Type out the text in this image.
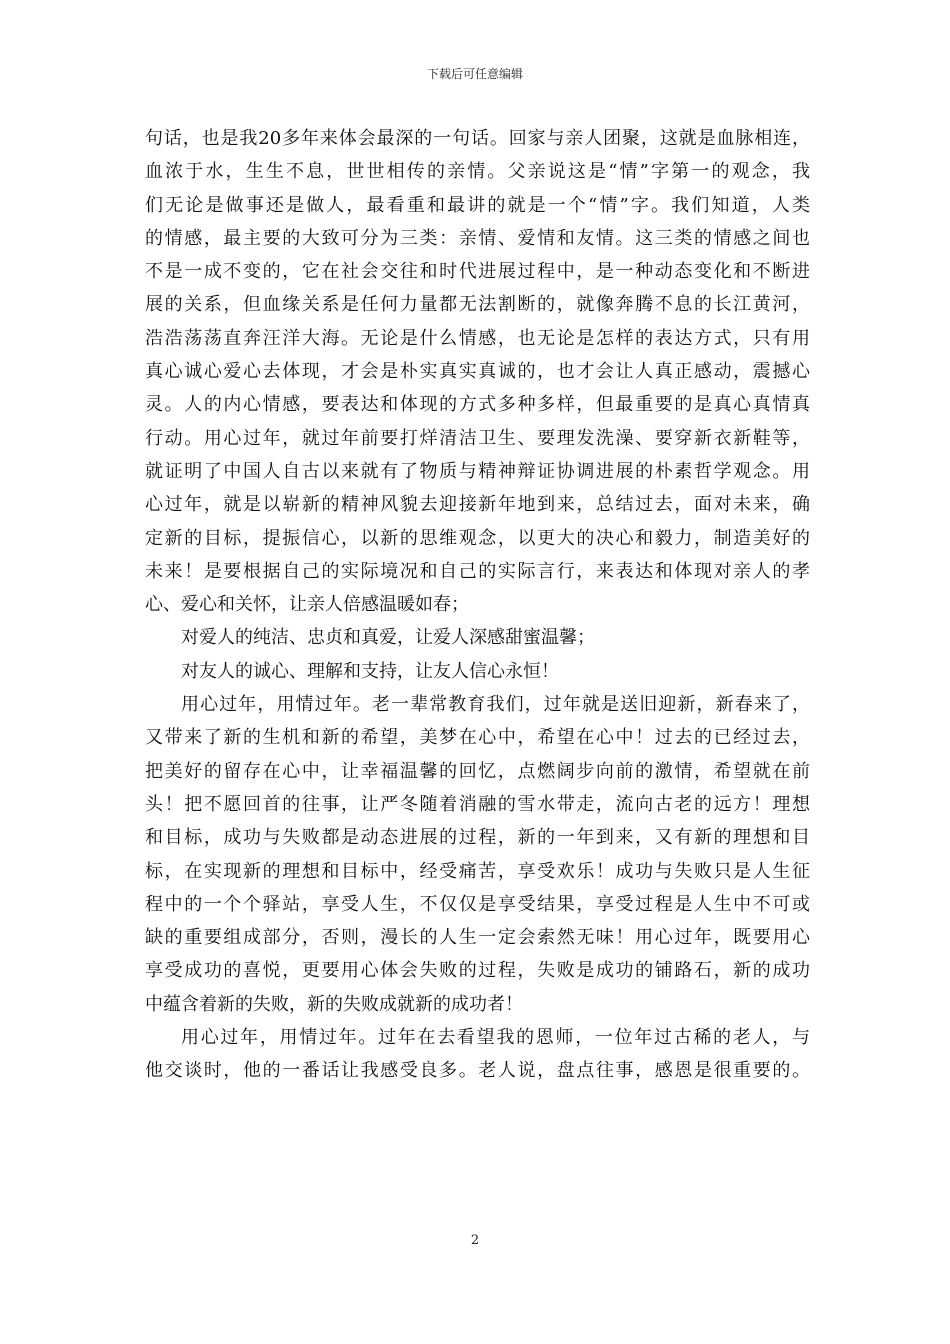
下载后可任意编辑
句话，也是我20多年来体会最深的一句话。回家与亲人团聚，这就是血脉相连，
血浓于水，生生不息，世世相传的亲情。父亲说这是“情”字第一的观念，我
们无论是做事还是做人，最看重和最讲的就是一个“情”字。我们知道，人类
的情感，最主要的大致可分为三类：亲情、爱情和友情。这三类的情感之间也
不是一成不变的，它在社会交往和时代进展过程中，是一种动态变化和不断进
展的关系，但血缘关系是任何力量都无法割断的，就像奔腾不息的长江黄河，
浩浩荡荡直奔汪洋大海。无论是什么情感，也无论是怎样的表达方式，只有用
真心诚心爱心去体现，才会是朴实真实真诚的，也才会让人真正感动，震撼心
灵。人的内心情感，要表达和体现的方式多种多样，但最重要的是真心真情真
行动。用心过年，就过年前要打烊清洁卫生、要理发洗澡、要穿新衣新鞋等，
就证明了中国人自古以来就有了物质与精神辩证协调进展的朴素哲学观念。用
心过年，就是以崭新的精神风貌去迎接新年地到来，总结过去，面对未来，确
定新的目标，提振信心，以新的思维观念，以更大的决心和毅力，制造美好的
未来！是要根据自己的实际境况和自己的实际言行，来表达和体现对亲人的孝
心、爱心和关怀，让亲人倍感温暖如春；
对爱人的纯洁、忠贞和真爱，让爱人深感甜蜜温馨；
对友人的诚心、理解和支持，让友人信心永恒！
用心过年，用情过年。老一辈常教育我们，过年就是送旧迎新，新春来了，
又带来了新的生机和新的希望，美梦在心中，希望在心中！过去的已经过去，
把美好的留存在心中，让幸福温馨的回忆，点燃阔步向前的激情，希望就在前
头！把不愿回首的往事，让严冬随着消融的雪水带走，流向古老的远方！理想
和目标，成功与失败都是动态进展的过程，新的一年到来，又有新的理想和目
标，在实现新的理想和目标中，经受痛苦，享受欢乐！成功与失败只是人生征
程中的一个个驿站，享受人生，不仅仅是享受结果，享受过程是人生中不可或
缺的重要组成部分，否则，漫长的人生一定会索然无味！用心过年，既要用心
享受成功的喜悦，更要用心体会失败的过程，失败是成功的铺路石，新的成功
中蕴含着新的失败，新的失败成就新的成功者！
用心过年，用情过年。过年在去看望我的恩师，一位年过古稀的老人，与
他交谈时，他的一番话让我感受良多。老人说，盘点往事，感恩是很重要的。
2
